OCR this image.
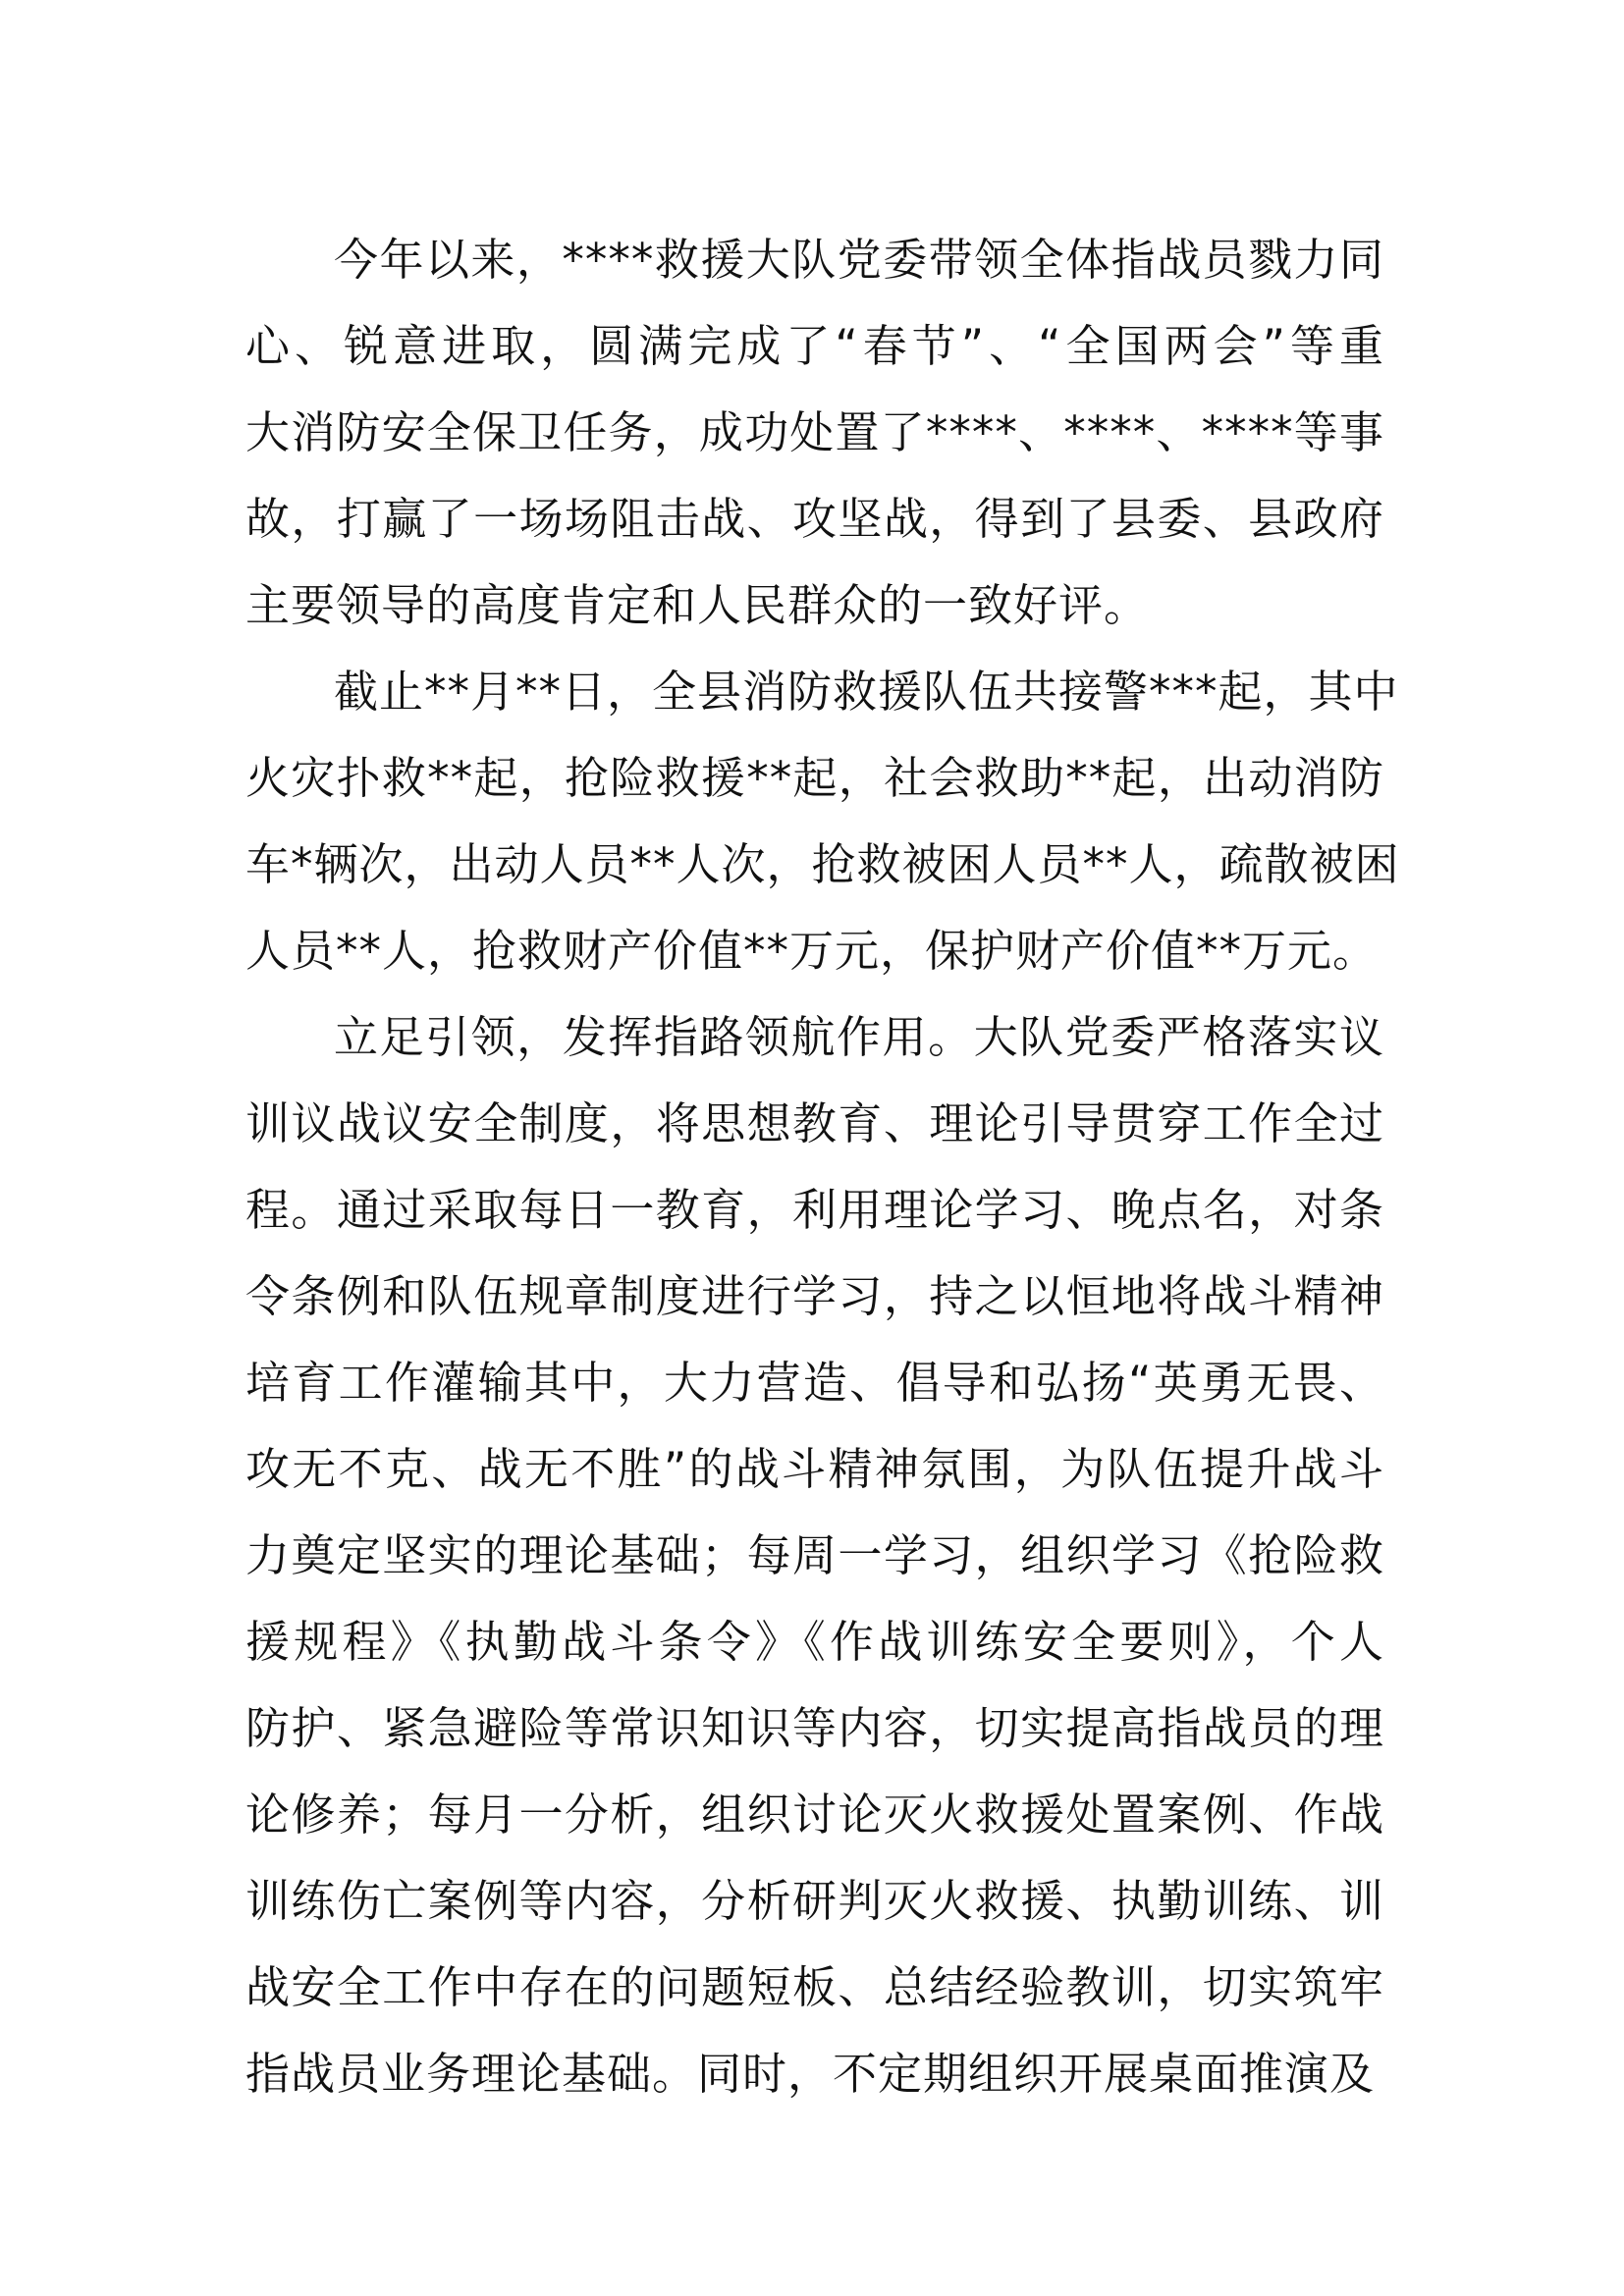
今年以来，****救援大队党委带领全体指战员戮力同
心、锐意进取，圆满完成了“春节”、“全国两会”等重
大消防安全保卫任务，成功处置了****、****、****等事
故，打赢了一场场阻击战、攻坚战，得到了县委、县政府
主要领导的高度肯定和人民群众的一致好评。
截止**月**日，全县消防救援队伍共接警***起，其中
火灾扑救**起，抢险救援**起，社会救助**起，出动消防
车*辆次，出动人员**人次，抢救被困人员**人，疏散被困
人员**人，抢救财产价值**万元，保护财产价值**万元。
立足引领，发挥指路领航作用。大队党委严格落实议
训议战议安全制度，将思想教育、理论引导贯穿工作全过
程。通过采取每日一教育，利用理论学习、晚点名，对条
令条例和队伍规章制度进行学习，持之以恒地将战斗精神
培育工作灌输其中，大力营造、倡导和弘扬“英勇无畏、
攻无不克、战无不胜”的战斗精神氛围，为队伍提升战斗
力奠定坚实的理论基础；每周一学习，组织学习《抢险救
援规程》《执勤战斗条令》《作战训练安全要则》，个人
防护、紧急避险等常识知识等内容，切实提高指战员的理
论修养；每月一分析，组织讨论灭火救援处置案例、作战
训练伤亡案例等内容，分析研判灭火救援、执勤训练、训
战安全工作中存在的问题短板、总结经验教训，切实筑牢
指战员业务理论基础。同时，不定期组织开展桌面推演及
